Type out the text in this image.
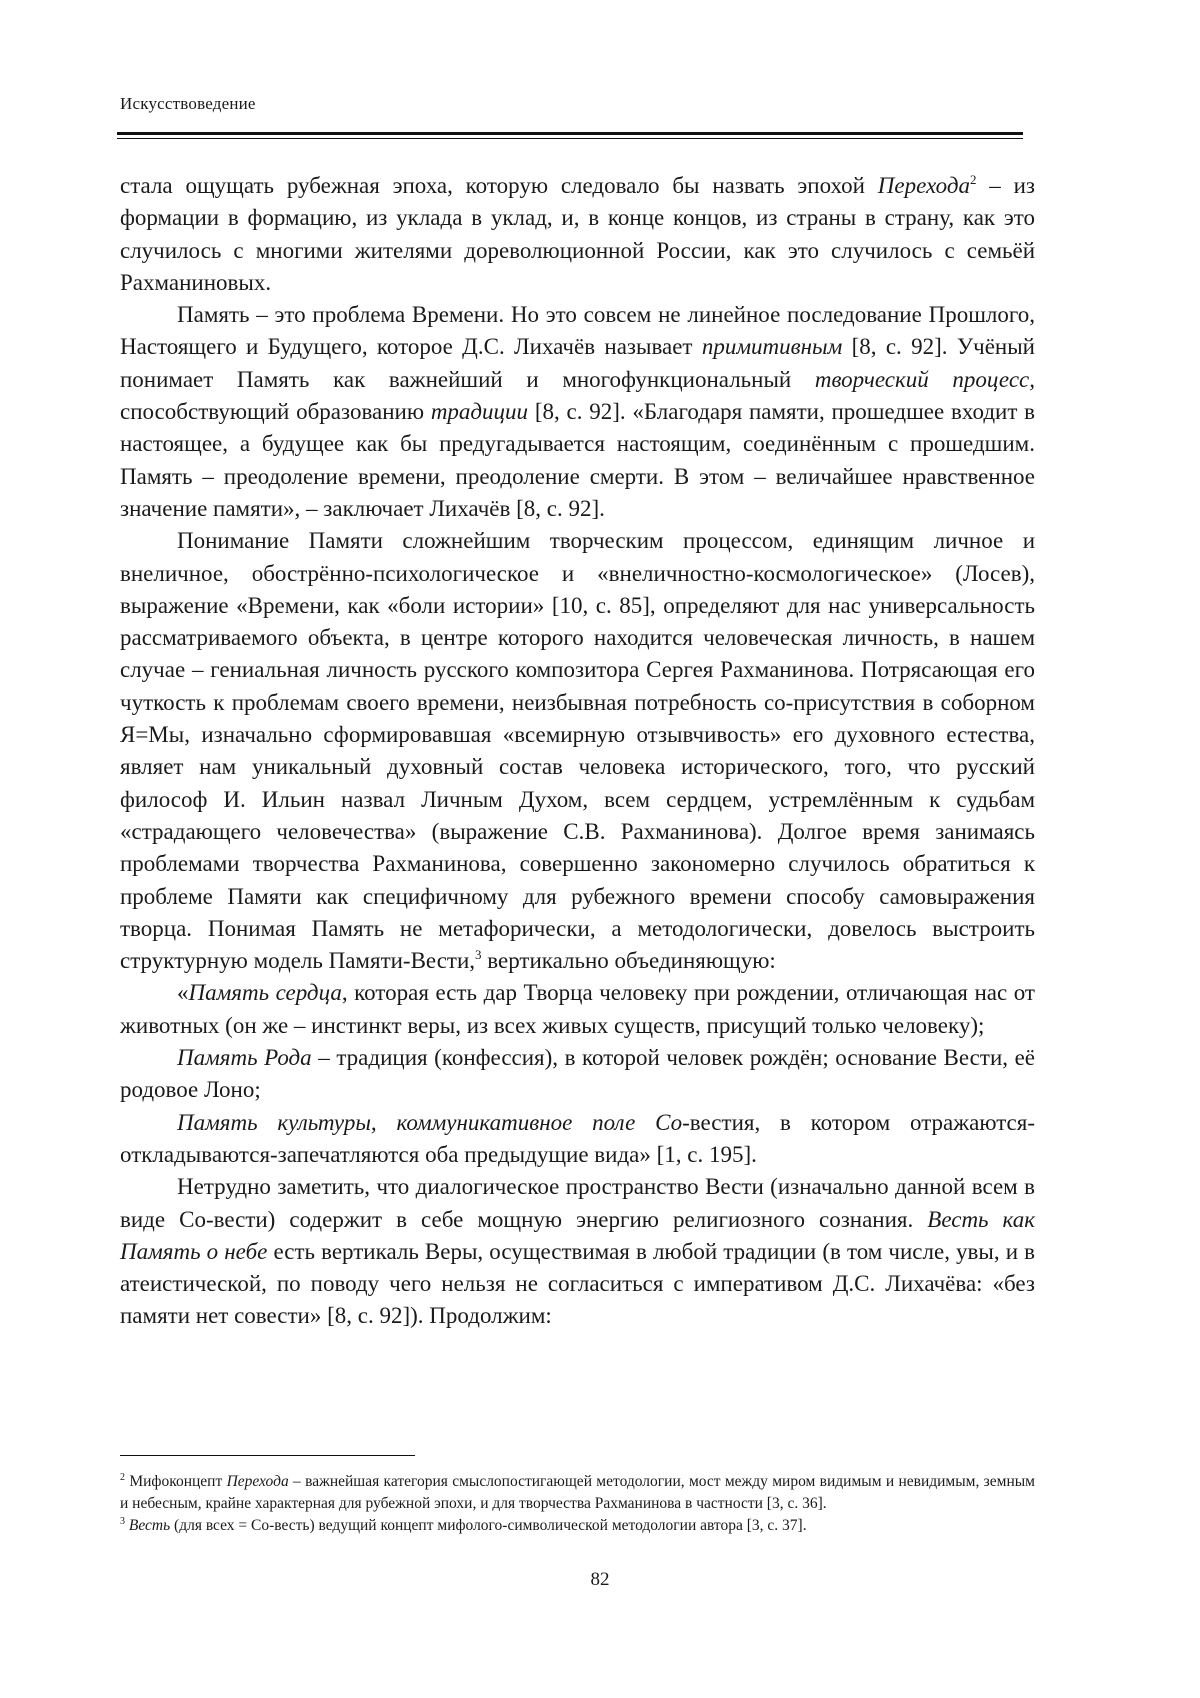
Искусствоведение

стала ощущать рубежная эпоха, которую следовало бы назвать эпохой Перехода$^2$ – из формации в формацию, из уклада в уклад, и, в конце концов, из страны в страну, как это случилось с многими жителями дореволюционной России, как это случилось с семьёй Рахманиновых.

Память – это проблема Времени. Но это совсем не линейное последование Прошлого, Настоящего и Будущего, которое Д.С. Лихачёв называет примитивным [8, с. 92]. Учёный понимает Память как важнейший и многофункциональный творческий процесс, способствующий образованию традиции [8, с. 92]. «Благодаря памяти, прошедшее входит в настоящее, а будущее как бы предугадывается настоящим, соединённым с прошедшим. Память – преодоление времени, преодоление смерти. В этом – величайшее нравственное значение памяти», – заключает Лихачёв [8, с. 92].

Понимание Памяти сложнейшим творческим процессом, единящим личное и внеличное, обострённо-психологическое и «внеличностно-космологическое» (Лосев), выражение «Времени, как «боли истории» [10, с. 85], определяют для нас универсальность рассматриваемого объекта, в центре которого находится человеческая личность, в нашем случае – гениальная личность русского композитора Сергея Рахманинова. Потрясающая его чуткость к проблемам своего времени, неизбывная потребность со-присутствия в соборном Я=Мы, изначально сформировавшая «всемирную отзывчивость» его духовного естества, являет нам уникальный духовный состав человека исторического, того, что русский философ И. Ильин назвал Личным Духом, всем сердцем, устремлённым к судьбам «страдающего человечества» (выражение С.В. Рахманинова). Долгое время занимаясь проблемами творчества Рахманинова, совершенно закономерно случилось обратиться к проблеме Памяти как специфичному для рубежного времени способу самовыражения творца. Понимая Память не метафорически, а методологически, довелось выстроить структурную модель Памяти-Вести,$^3$ вертикально объединяющую:

«Память сердца, которая есть дар Творца человеку при рождении, отличающая нас от животных (он же – инстинкт веры, из всех живых существ, присущий только человеку);

Память Рода – традиция (конфессия), в которой человек рождён; основание Вести, её родовое Лоно;

Память культуры, коммуникативное поле Со-вестия, в котором отражаются-откладываются-запечатляются оба предыдущие вида» [1, с. 195].

Нетрудно заметить, что диалогическое пространство Вести (изначально данной всем в виде Со-вести) содержит в себе мощную энергию религиозного сознания. Весть как Память о небе есть вертикаль Веры, осуществимая в любой традиции (в том числе, увы, и в атеистической, по поводу чего нельзя не согласиться с императивом Д.С. Лихачёва: «без памяти нет совести» [8, с. 92]). Продолжим:

$^2$ Мифоконцепт Перехода – важнейшая категория смыслопостигающей методологии, мост между миром видимым и невидимым, земным и небесным, крайне характерная для рубежной эпохи, и для творчества Рахманинова в частности [3, с. 36].

$^3$ Весть (для всех = Со-весть) ведущий концепт мифолого-символической методологии автора [3, с. 37].

82
